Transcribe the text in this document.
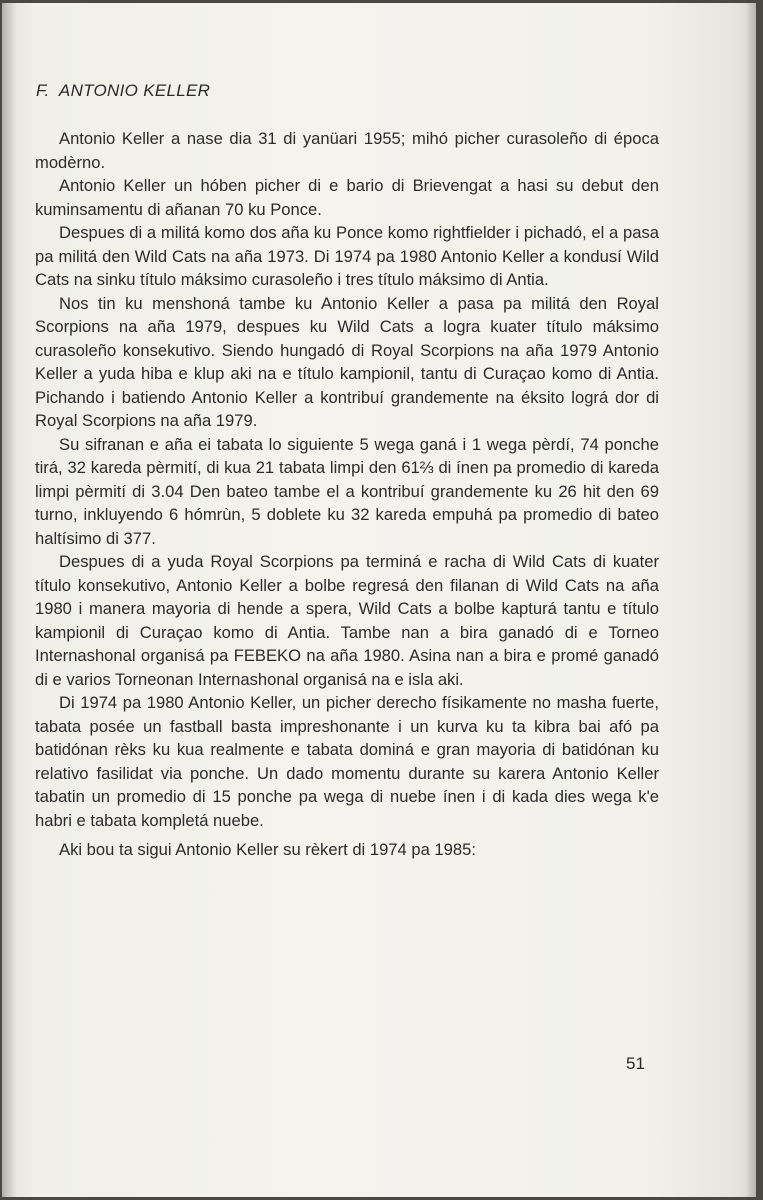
F.  ANTONIO KELLER

Antonio Keller a nase dia 31 di yanüari 1955; mihó picher curasoleño di época modèrno.

Antonio Keller un hóben picher di e bario di Brievengat a hasi su debut den kuminsamentu di añanan 70 ku Ponce.

Despues di a militá komo dos aña ku Ponce komo rightfielder i pichadó, el a pasa pa militá den Wild Cats na aña 1973. Di 1974 pa 1980 Antonio Keller a kondusí Wild Cats na sinku título máksimo curasoleño i tres título máksimo di Antia.

Nos tin ku menshoná tambe ku Antonio Keller a pasa pa militá den Royal Scorpions na aña 1979, despues ku Wild Cats a logra kuater título máksimo curasoleño konsekutivo. Siendo hungadó di Royal Scorpions na aña 1979 Antonio Keller a yuda hiba e klup aki na e título kampionil, tantu di Curaçao komo di Antia. Pichando i batiendo Antonio Keller a kontribuí grandemente na éksito lográ dor di Royal Scorpions na aña 1979.

Su sifranan e aña ei tabata lo siguiente 5 wega ganá i 1 wega pèrdí, 74 ponche tirá, 32 kareda pèrmití, di kua 21 tabata limpi den 61⅔ di ínen pa promedio di kareda limpi pèrmití di 3.04 Den bateo tambe el a kontribuí grandemente ku 26 hit den 69 turno, inkluyendo 6 hómrùn, 5 doblete ku 32 kareda empuhá pa promedio di bateo haltísimo di 377.

Despues di a yuda Royal Scorpions pa terminá e racha di Wild Cats di kuater título konsekutivo, Antonio Keller a bolbe regresá den filanan di Wild Cats na aña 1980 i manera mayoria di hende a spera, Wild Cats a bolbe kapturá tantu e título kampionil di Curaçao komo di Antia. Tambe nan a bira ganadó di e Torneo Internashonal organisá pa FEBEKO na aña 1980. Asina nan a bira e promé ganadó di e varios Torneonan Internashonal organisá na e isla aki.

Di 1974 pa 1980 Antonio Keller, un picher derecho físikamente no masha fuerte, tabata posée un fastball basta impreshonante i un kurva ku ta kibra bai afó pa batidónan rèks ku kua realmente e tabata dominá e gran mayoria di batidónan ku relativo fasilidat via ponche. Un dado momentu durante su karera Antonio Keller tabatin un promedio di 15 ponche pa wega di nuebe ínen i di kada dies wega k'e habri e tabata kompletá nuebe.

Aki bou ta sigui Antonio Keller su rèkert di 1974 pa 1985:

51
